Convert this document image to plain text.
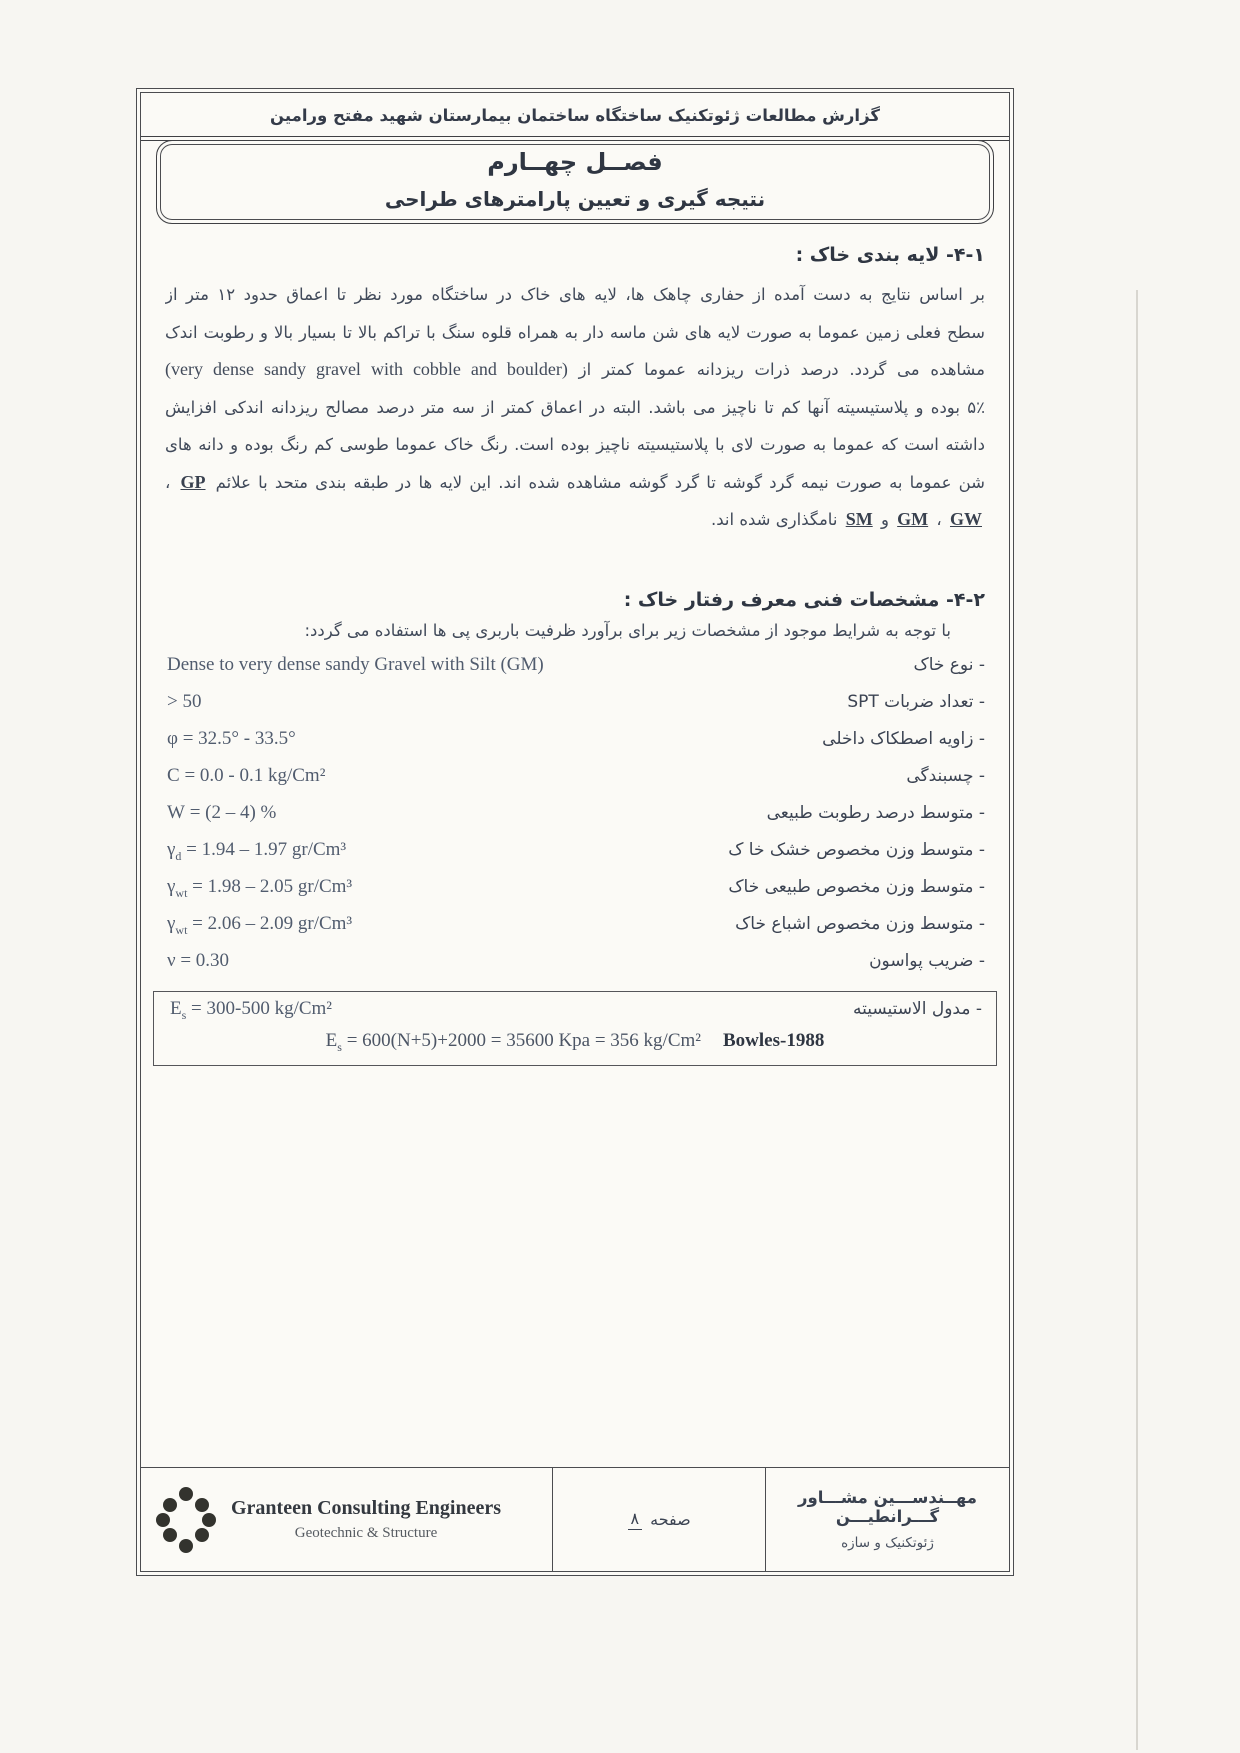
گزارش مطالعات ژئوتکنیک ساختگاه ساختمان بیمارستان شهید مفتح ورامین
فصــل چهــارم
نتیجه گیری و تعیین پارامترهای طراحی
۴-۱- لایه بندی خاک :
بر اساس نتایج به دست آمده از حفاری چاهک ها، لایه های خاک در ساختگاه مورد نظر تا اعماق حدود ۱۲ متر از
سطح فعلی زمین عموما به صورت لایه های شن ماسه دار به همراه قلوه سنگ با تراکم بالا تا بسیار بالا و رطوبت اندک
مشاهده می گردد. درصد ذرات ریزدانه عموما کمتر از (very dense sandy gravel with cobble and boulder)
۵٪ بوده و پلاستیسیته آنها کم تا ناچیز می باشد. البته در اعماق کمتر از سه متر درصد مصالح ریزدانه اندکی افزایش
داشته است که عموما به صورت لای با پلاستیسیته ناچیز بوده است. رنگ خاک عموما طوسی کم رنگ بوده و دانه های
شن عموما به صورت نیمه گرد گوشه تا گرد گوشه مشاهده شده اند. این لایه ها در طبقه بندی متحد با علائم GP ،
GW ، GM و SM نامگذاری شده اند.
۴-۲- مشخصات فنی معرف رفتار خاک :
با توجه به شرایط موجود از مشخصات زیر برای برآورد ظرفیت باربری پی ها استفاده می گردد:
Dense to very dense sandy Gravel with Silt (GM)	- نوع خاک
> 50	- تعداد ضربات SPT
φ = 32.5° - 33.5°	- زاویه اصطکاک داخلی
C = 0.0 - 0.1 kg/Cm²	- چسبندگی
W = (2 – 4) %	- متوسط درصد رطوبت طبیعی
$\gamma_d = 1.94 - 1.97$ gr/Cm³	- متوسط وزن مخصوص خشک خا ک
$\gamma_{wt} = 1.98 - 2.05$ gr/Cm³	- متوسط وزن مخصوص طبیعی خاک
$\gamma_{wt} = 2.06 - 2.09$ gr/Cm³	- متوسط وزن مخصوص اشباع خاک
ν = 0.30	- ضریب پواسون
$E_s = 300-500$ kg/Cm²	- مدول الاستیسیته
$E_s = 600(N+5)+2000 = 35600$ Kpa = 356 kg/Cm² Bowles-1988
Granteen Consulting Engineers
Geotechnic & Structure
صفحه
۸
مهــندســـین مشـــاور گـــرانطیـــن
ژئوتکنیک و سازه
